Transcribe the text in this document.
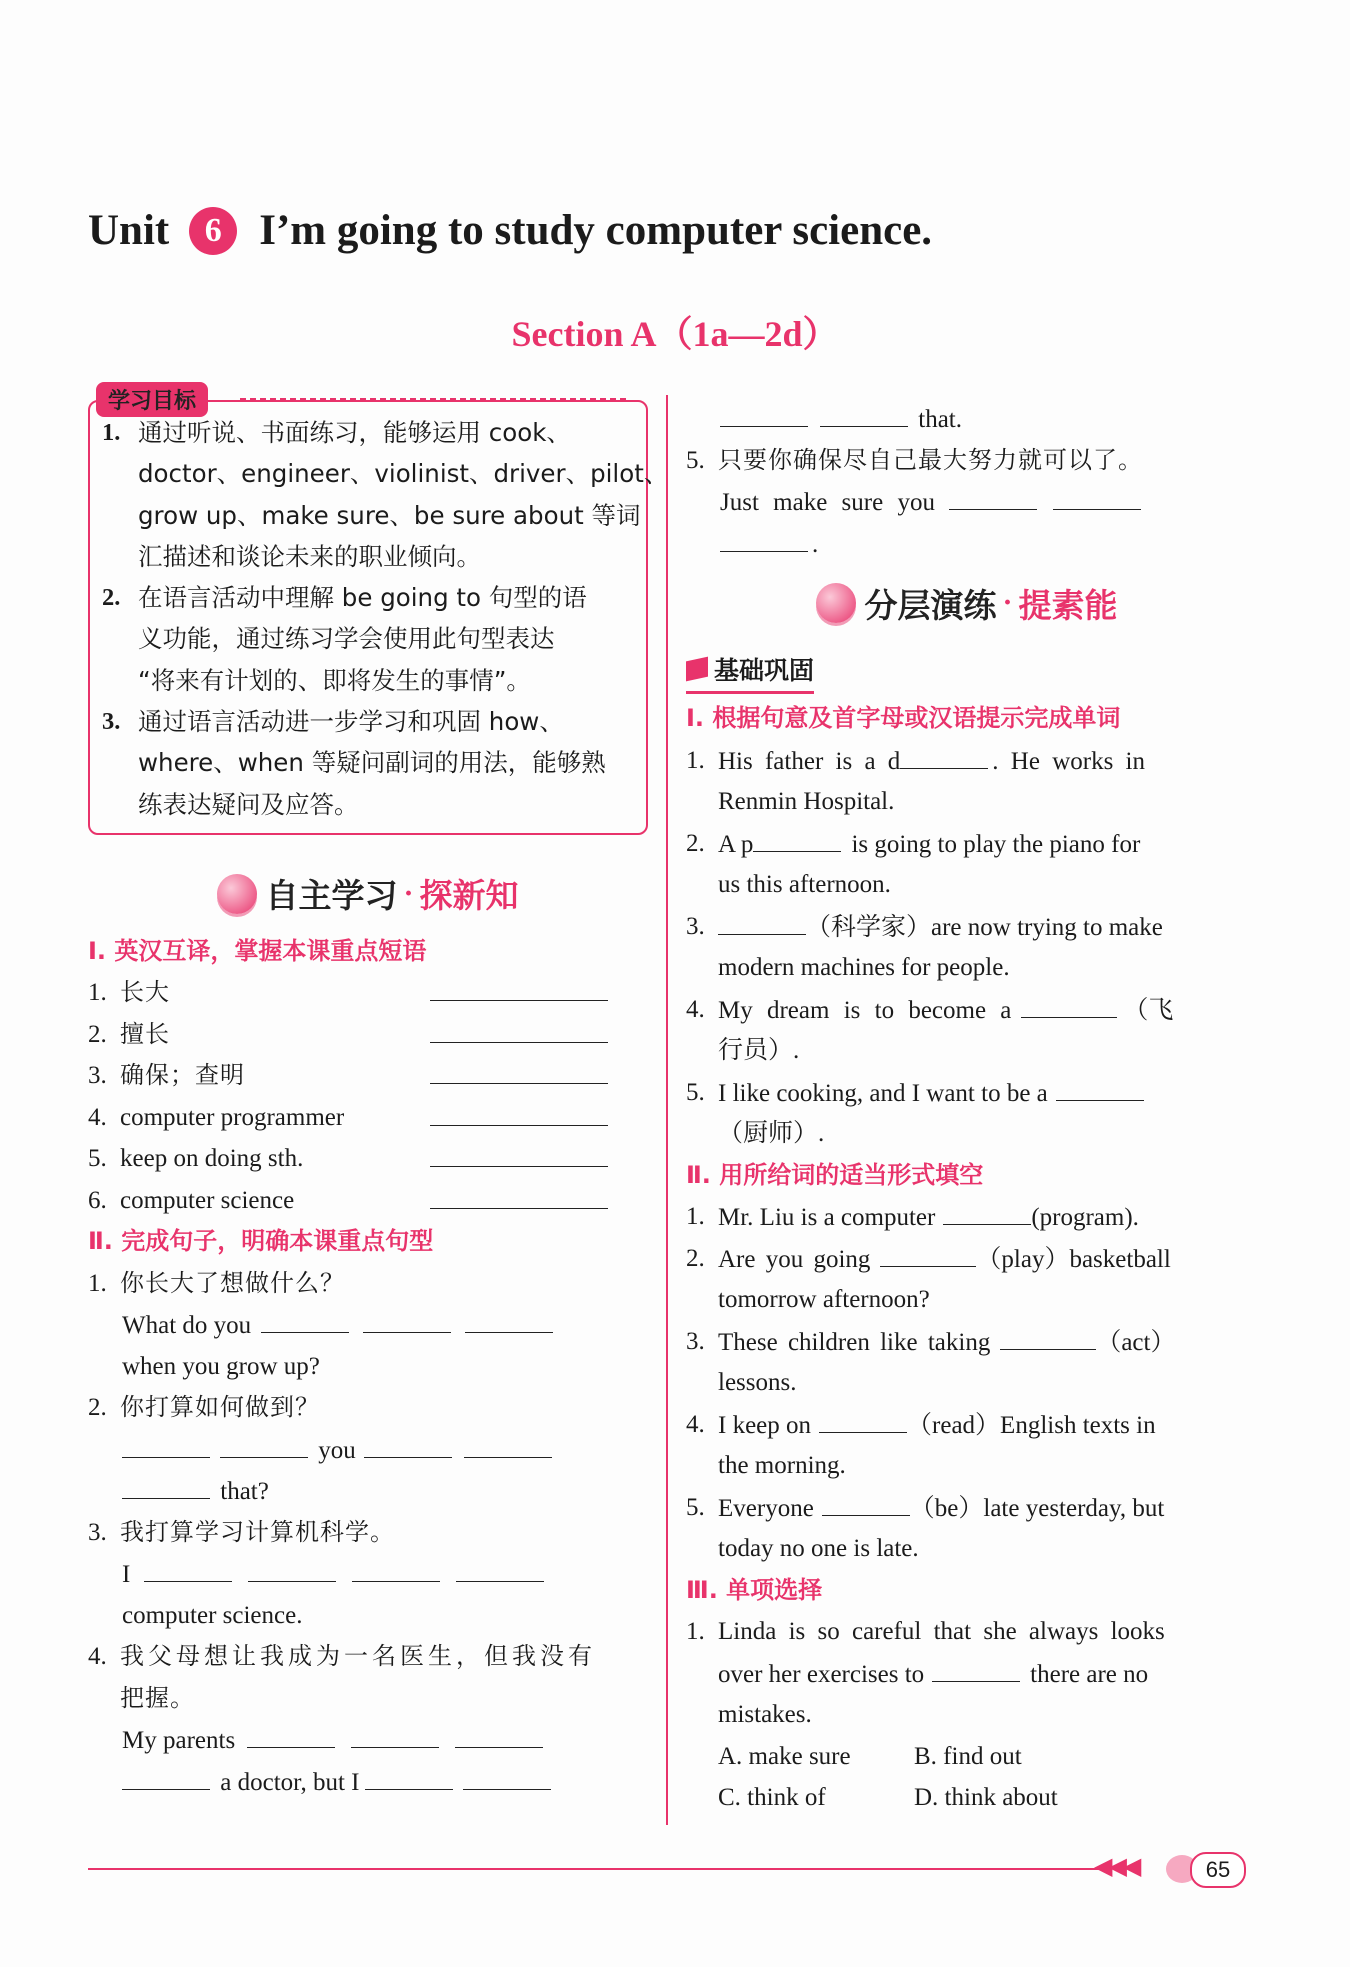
Unit	6 I’m going to study computer science.
Section A（1a—2d）
学习目标
1. 通过听说、书面练习，能够运用 cook、
doctor、engineer、violinist、driver、pilot、
grow up、make sure、be sure about 等词
汇描述和谈论未来的职业倾向。
2. 在语言活动中理解 be going to 句型的语
义功能，通过练习学会使用此句型表达
“将来有计划的、即将发生的事情”。
3. 通过语言活动进一步学习和巩固 how、
where、when 等疑问副词的用法，能够熟
练表达疑问及应答。
自主学习 · 探新知
Ⅰ. 英汉互译，掌握本课重点短语
1. 长大
2. 擅长
3. 确保；查明
4. computer programmer
5. keep on doing sth.
6. computer science
Ⅱ. 完成句子，明确本课重点句型
1. 你长大了想做什么？
What do you
when you grow up?
2. 你打算如何做到？
you
that?
3. 我打算学习计算机科学。
I
computer science.
4. 我父母想让我成为一名医生，但我没有
把握。
My parents
a doctor, but I
that.
5. 只要你确保尽自己最大努力就可以了。
Just make sure you
.
分层演练 · 提素能
基础巩固
Ⅰ. 根据句意及首字母或汉语提示完成单词
1. His father is a d	. He works in
Renmin Hospital.
2. A p	is going to play the piano for
us this afternoon.
3.	（科学家）are now trying to make
modern machines for people.
4. My dream is to become a	（飞
行员）.
5. I like cooking, and I want to be a
（厨师）.
Ⅱ. 用所给词的适当形式填空
1. Mr. Liu is a computer	(program).
2. Are you going	（play）basketball
tomorrow afternoon?
3. These children like taking	（act）
lessons.
4. I keep on	（read）English texts in
the morning.
5. Everyone	（be）late yesterday, but
today no one is late.
Ⅲ. 单项选择
1. Linda is so careful that she always looks
over her exercises to	there are no
mistakes.
A. make sure	B. find out
C. think of	D. think about
◀◀◀	65
